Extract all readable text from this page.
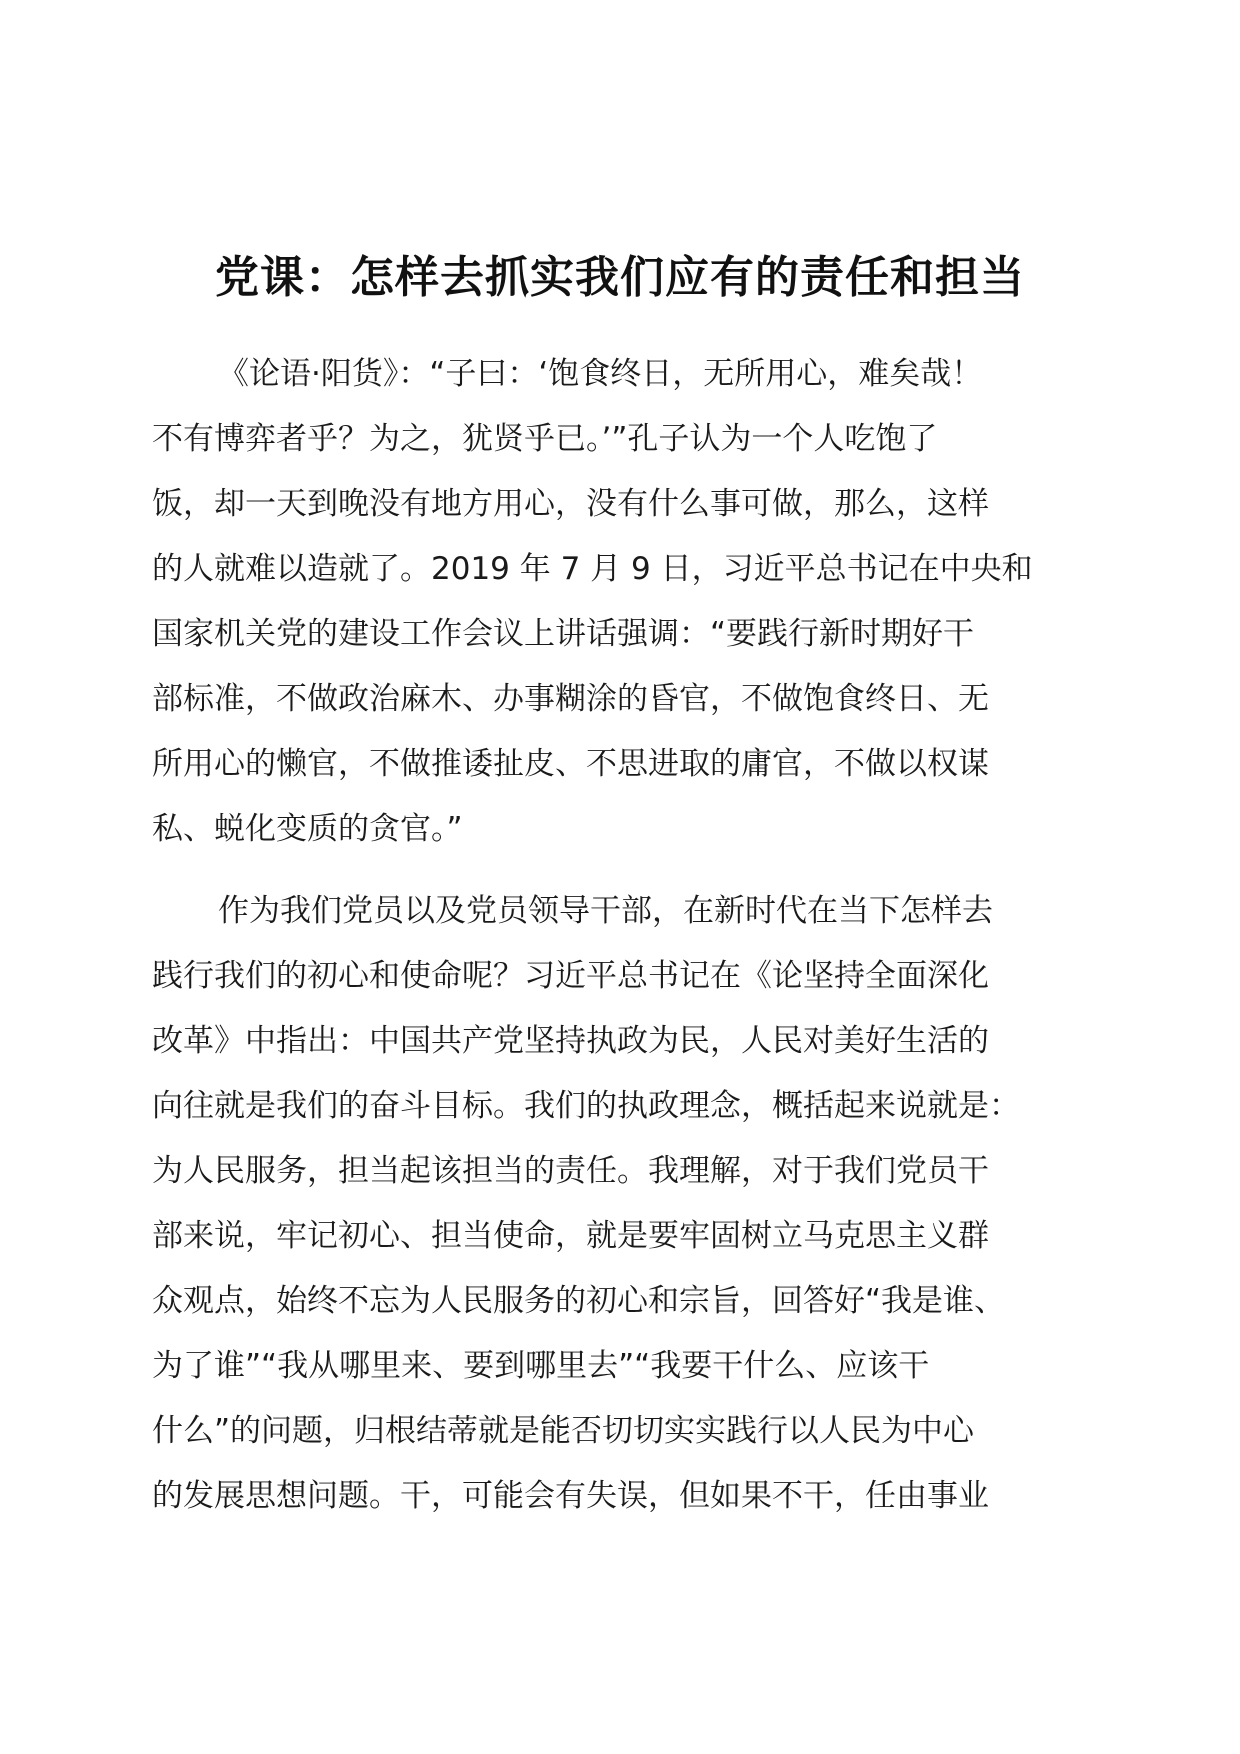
党课：怎样去抓实我们应有的责任和担当
《论语·阳货》：“子曰：‘饱食终日，无所用心，难矣哉！
不有博弈者乎？为之，犹贤乎已。’”孔子认为一个人吃饱了
饭，却一天到晚没有地方用心，没有什么事可做，那么，这样
的人就难以造就了。2019 年 7 月 9 日，习近平总书记在中央和
国家机关党的建设工作会议上讲话强调：“要践行新时期好干
部标准，不做政治麻木、办事糊涂的昏官，不做饱食终日、无
所用心的懒官，不做推诿扯皮、不思进取的庸官，不做以权谋
私、蜕化变质的贪官。”
作为我们党员以及党员领导干部，在新时代在当下怎样去
践行我们的初心和使命呢？习近平总书记在《论坚持全面深化
改革》中指出：中国共产党坚持执政为民，人民对美好生活的
向往就是我们的奋斗目标。我们的执政理念，概括起来说就是：
为人民服务，担当起该担当的责任。我理解，对于我们党员干
部来说，牢记初心、担当使命，就是要牢固树立马克思主义群
众观点，始终不忘为人民服务的初心和宗旨，回答好“我是谁、
为了谁”“我从哪里来、要到哪里去”“我要干什么、应该干
什么”的问题，归根结蒂就是能否切切实实践行以人民为中心
的发展思想问题。干，可能会有失误，但如果不干，任由事业
